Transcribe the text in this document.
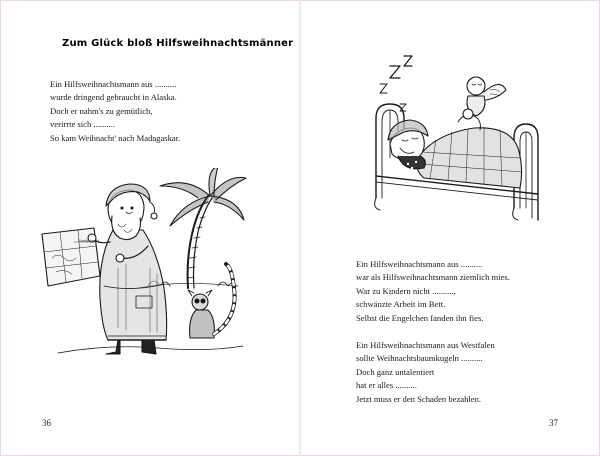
Zum Glück bloß Hilfsweihnachtsmänner
Ein Hilfsweihnachtsmann aus ..........
wurde dringend gebraucht in Alaska.
Doch er nahm's zu gemütlich,
verirrte sich ..........
So kam Weihnacht' nach Madagaskar.
Stadtplan N
36
Ein Hilfsweihnachtsmann aus ..........
war als Hilfsweihnachtsmann ziemlich mies.
War zu Kindern nicht ..........,
schwänzte Arbeit im Bett.
Selbst die Engelchen fanden ihn fies.
Ein Hilfsweihnachtsmann aus Westfalen
sollte Weihnachtsbaumkugeln ..........
Doch ganz untalentiert
hat er alles ..........
Jetzt muss er den Schaden bezahlen.
37
